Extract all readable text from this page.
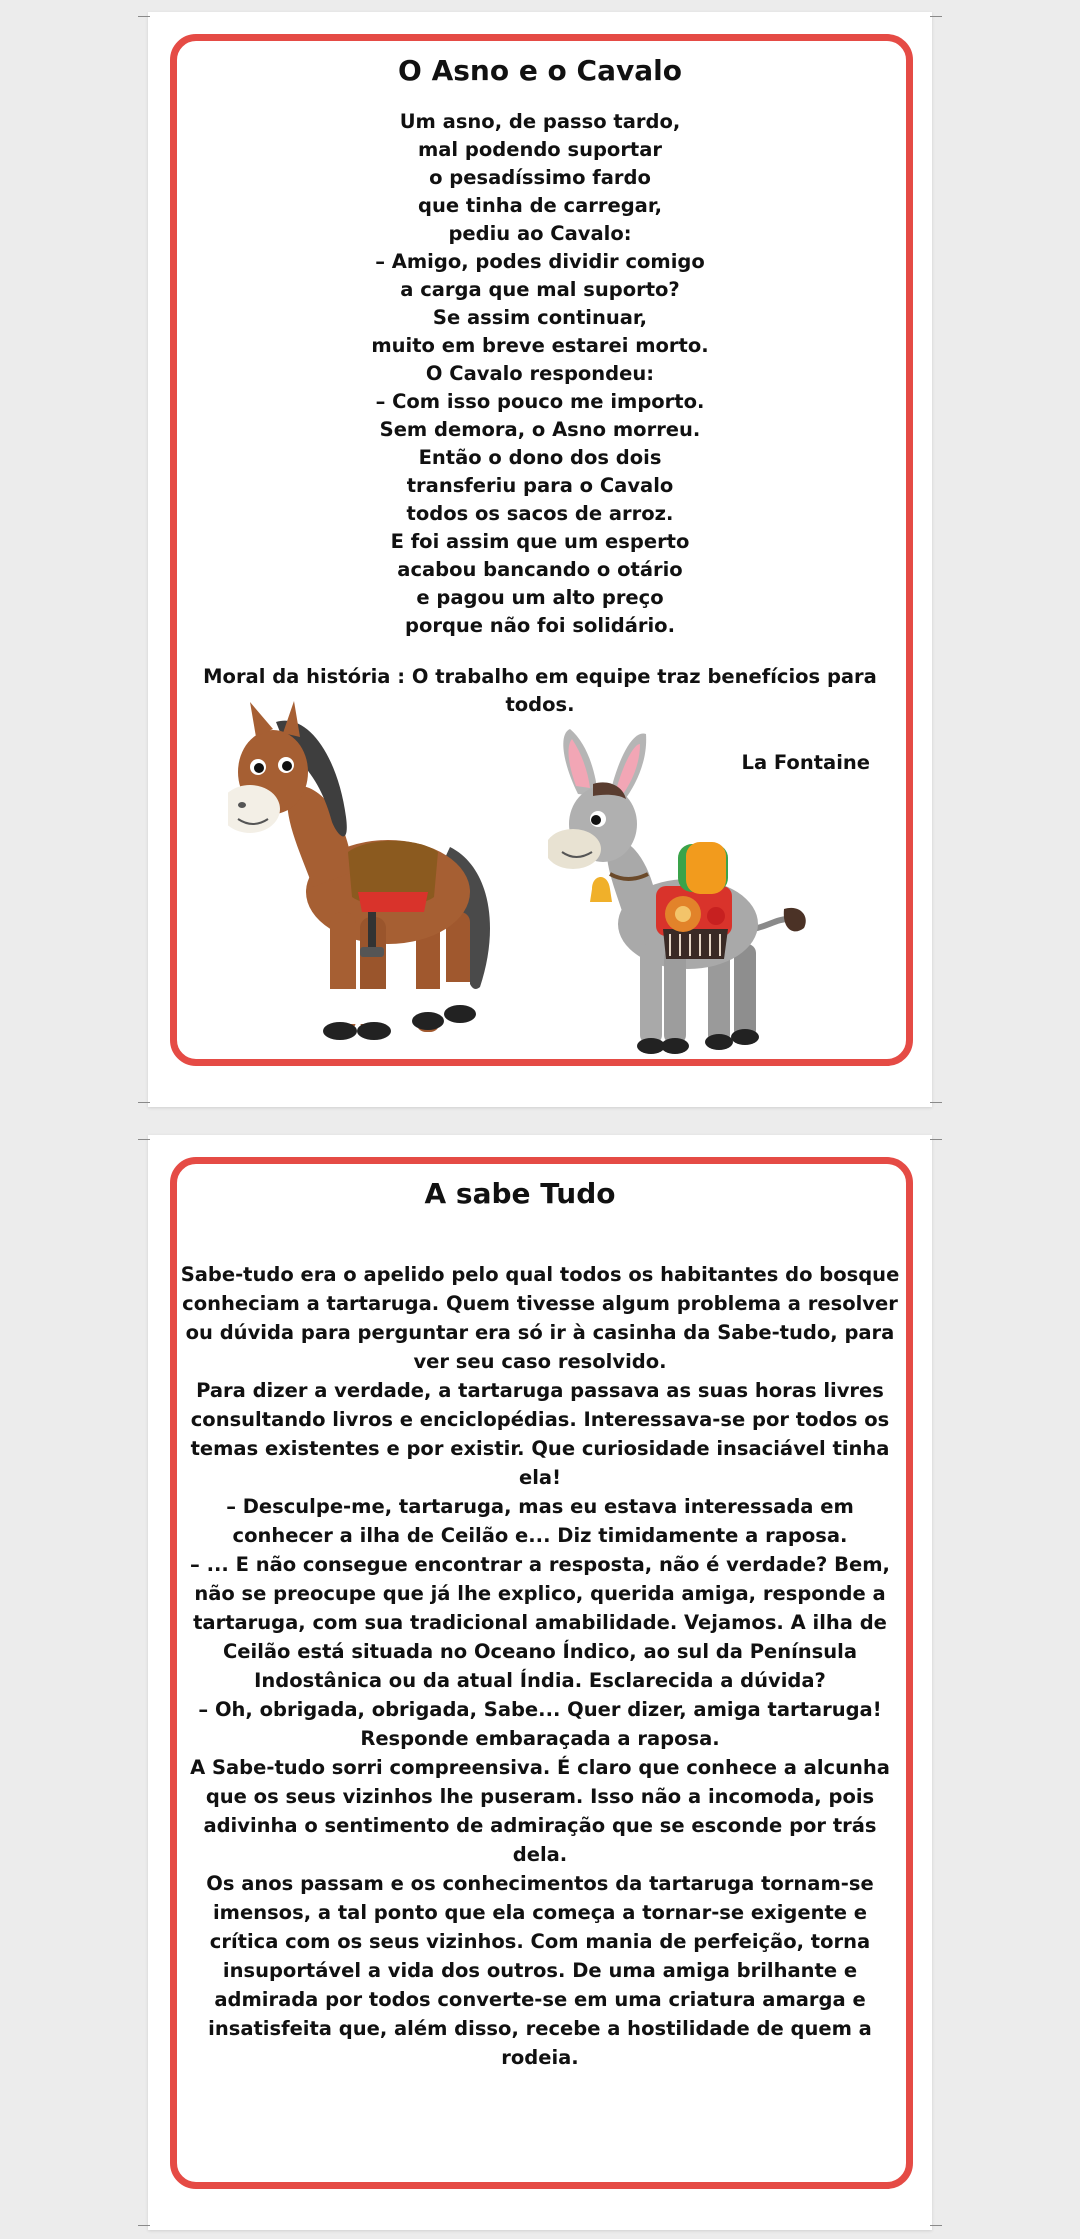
O Asno e o Cavalo
Um asno, de passo tardo,
mal podendo suportar
o pesadíssimo fardo
que tinha de carregar,
pediu ao Cavalo:
– Amigo, podes dividir comigo
a carga que mal suporto?
Se assim continuar,
muito em breve estarei morto.
O Cavalo respondeu:
– Com isso pouco me importo.
Sem demora, o Asno morreu.
Então o dono dos dois
transferiu para o Cavalo
todos os sacos de arroz.
E foi assim que um esperto
acabou bancando o otário
e pagou um alto preço
porque não foi solidário.
Moral da história : O trabalho em equipe traz benefícios para todos.
La Fontaine
A sabe Tudo

Sabe-tudo era o apelido pelo qual todos os habitantes do bosque conheciam a tartaruga. Quem tivesse algum problema a resolver ou dúvida para perguntar era só ir à casinha da Sabe-tudo, para ver seu caso resolvido.

Para dizer a verdade, a tartaruga passava as suas horas livres consultando livros e enciclopédias. Interessava-se por todos os temas existentes e por existir. Que curiosidade insaciável tinha ela!

– Desculpe-me, tartaruga, mas eu estava interessada em conhecer a ilha de Ceilão e... Diz timidamente a raposa.

– ... E não consegue encontrar a resposta, não é verdade? Bem, não se preocupe que já lhe explico, querida amiga, responde a tartaruga, com sua tradicional amabilidade. Vejamos. A ilha de Ceilão está situada no Oceano Índico, ao sul da Península Indostânica ou da atual Índia. Esclarecida a dúvida?

– Oh, obrigada, obrigada, Sabe... Quer dizer, amiga tartaruga! Responde embaraçada a raposa.

A Sabe-tudo sorri compreensiva. É claro que conhece a alcunha que os seus vizinhos lhe puseram. Isso não a incomoda, pois adivinha o sentimento de admiração que se esconde por trás dela.

Os anos passam e os conhecimentos da tartaruga tornam-se imensos, a tal ponto que ela começa a tornar-se exigente e crítica com os seus vizinhos. Com mania de perfeição, torna insuportável a vida dos outros. De uma amiga brilhante e admirada por todos converte-se em uma criatura amarga e insatisfeita que, além disso, recebe a hostilidade de quem a rodeia.
